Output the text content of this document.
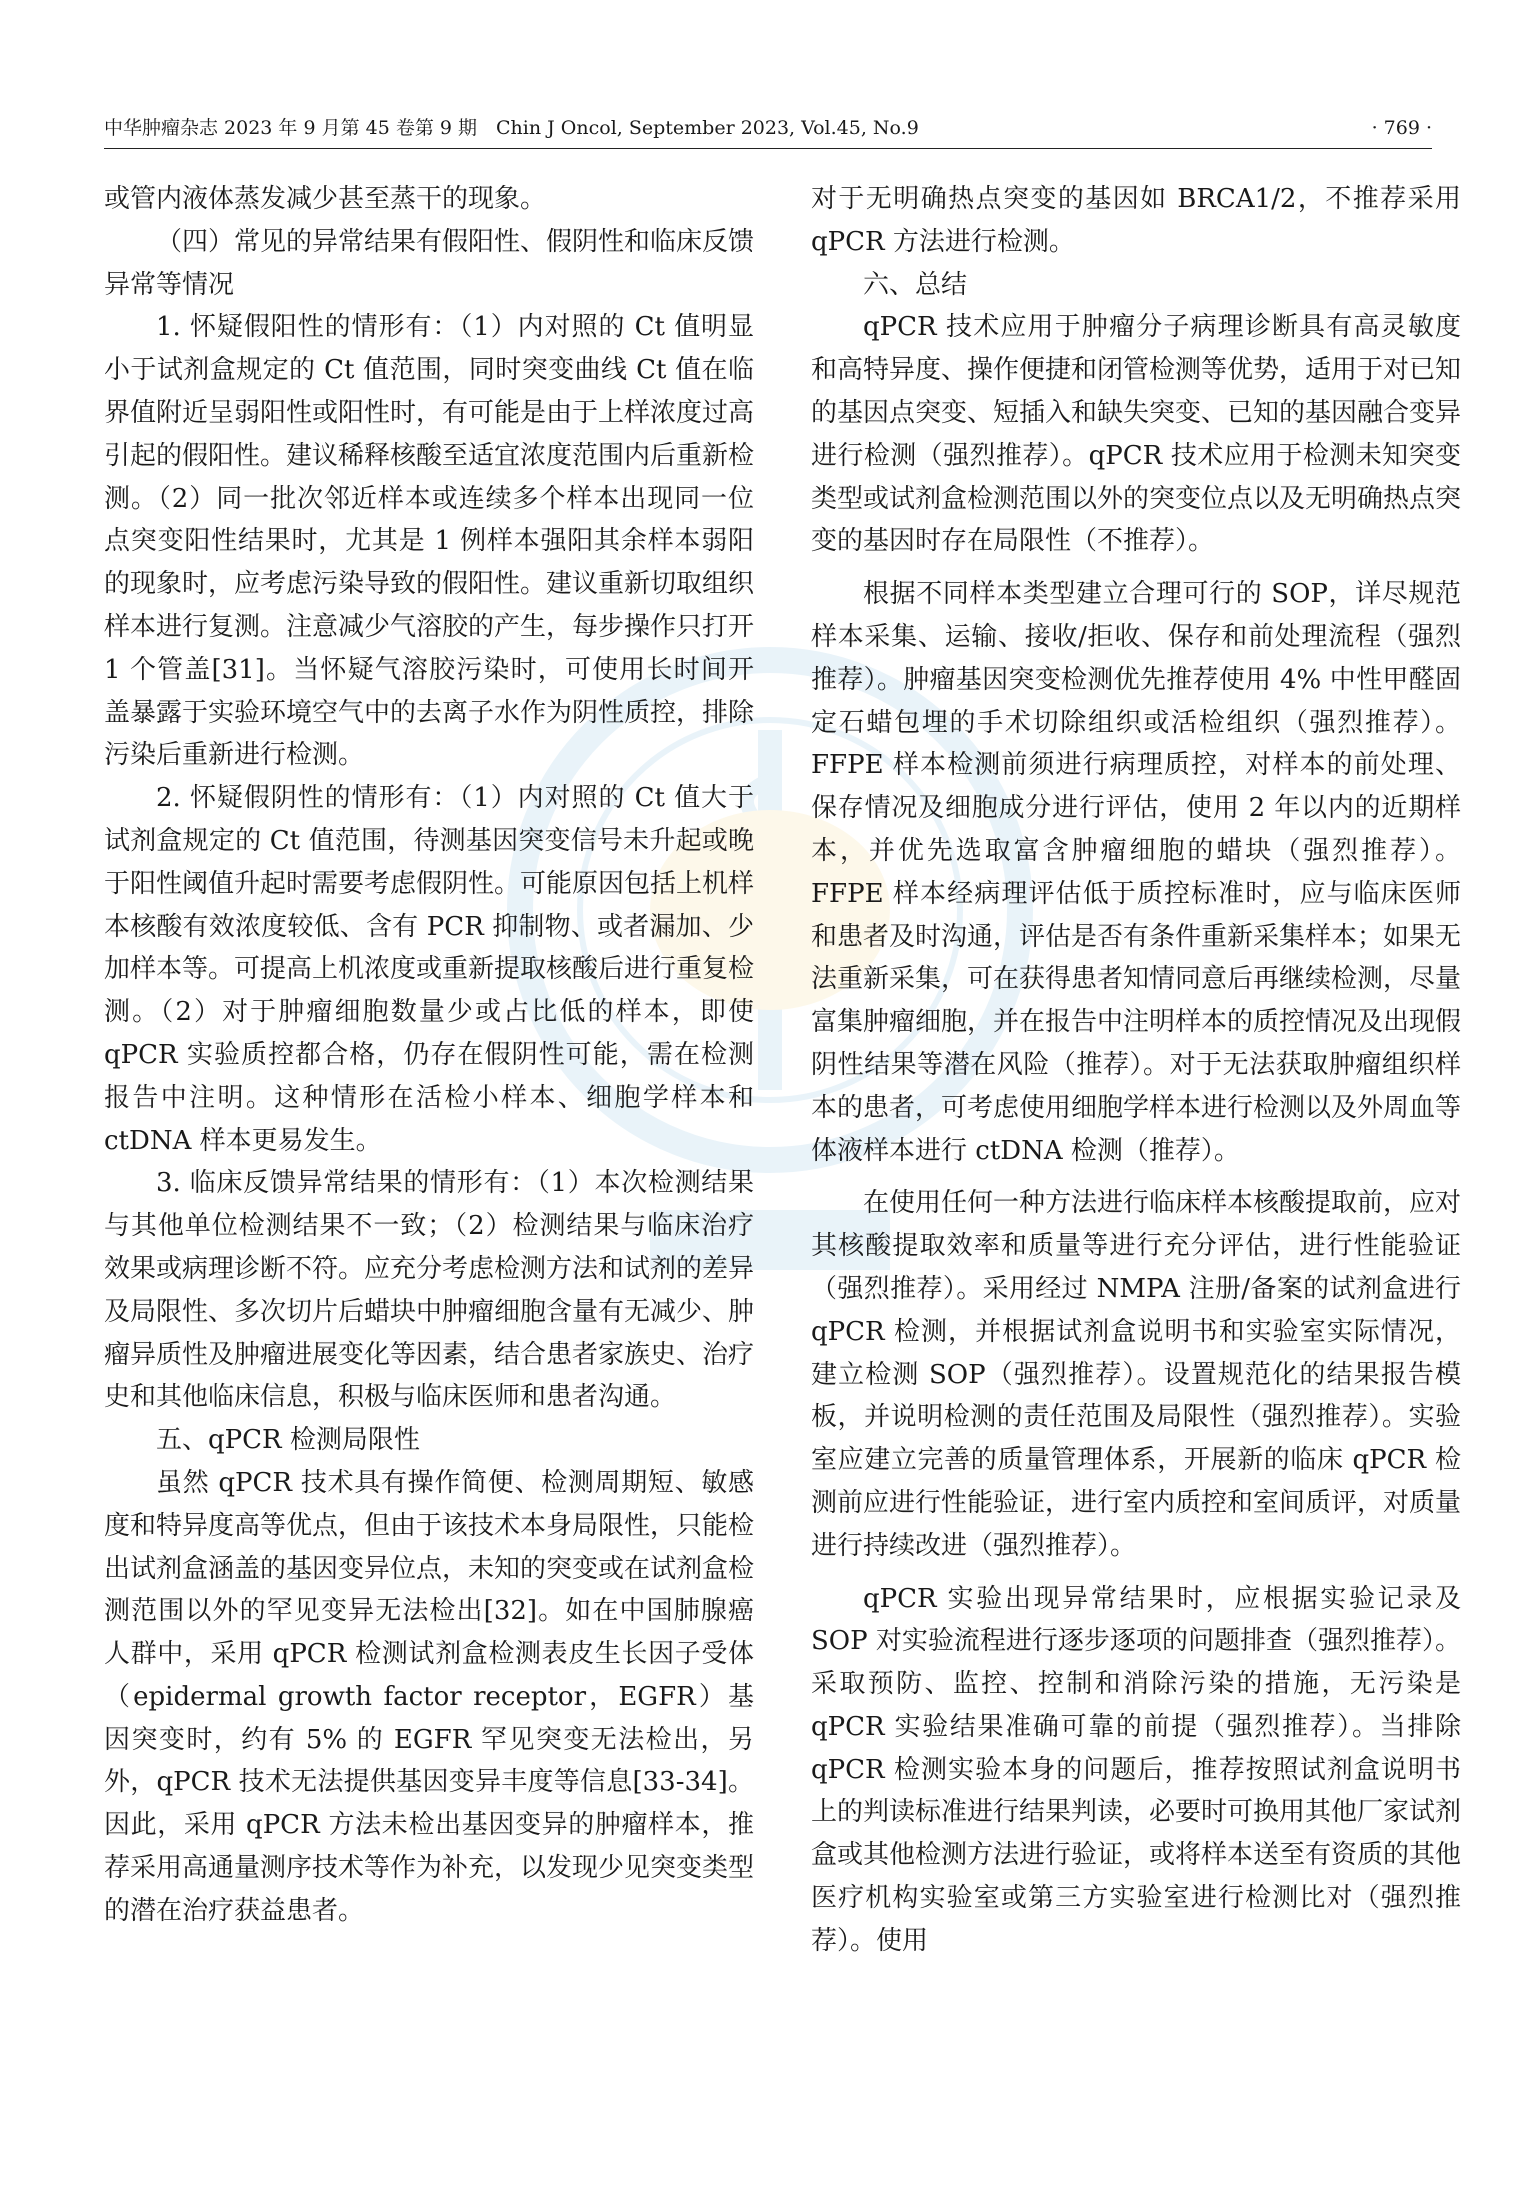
中华肿瘤杂志 2023 年 9 月第 45 卷第 9 期　Chin J Oncol, September 2023, Vol.45, No.9	· 769 ·

或管内液体蒸发减少甚至蒸干的现象。

（四）常见的异常结果有假阳性、假阴性和临床反馈异常等情况

1. 怀疑假阳性的情形有：（1）内对照的 Ct 值明显小于试剂盒规定的 Ct 值范围，同时突变曲线 Ct 值在临界值附近呈弱阳性或阳性时，有可能是由于上样浓度过高引起的假阳性。建议稀释核酸至适宜浓度范围内后重新检测。（2）同一批次邻近样本或连续多个样本出现同一位点突变阳性结果时，尤其是 1 例样本强阳其余样本弱阳的现象时，应考虑污染导致的假阳性。建议重新切取组织样本进行复测。注意减少气溶胶的产生，每步操作只打开 1 个管盖[31]。当怀疑气溶胶污染时，可使用长时间开盖暴露于实验环境空气中的去离子水作为阴性质控，排除污染后重新进行检测。

2. 怀疑假阴性的情形有：（1）内对照的 Ct 值大于试剂盒规定的 Ct 值范围，待测基因突变信号未升起或晚于阳性阈值升起时需要考虑假阴性。可能原因包括上机样本核酸有效浓度较低、含有 PCR 抑制物、或者漏加、少加样本等。可提高上机浓度或重新提取核酸后进行重复检测。（2）对于肿瘤细胞数量少或占比低的样本，即使 qPCR 实验质控都合格，仍存在假阴性可能，需在检测报告中注明。这种情形在活检小样本、细胞学样本和 ctDNA 样本更易发生。

3. 临床反馈异常结果的情形有：（1）本次检测结果与其他单位检测结果不一致；（2）检测结果与临床治疗效果或病理诊断不符。应充分考虑检测方法和试剂的差异及局限性、多次切片后蜡块中肿瘤细胞含量有无减少、肿瘤异质性及肿瘤进展变化等因素，结合患者家族史、治疗史和其他临床信息，积极与临床医师和患者沟通。

五、qPCR 检测局限性

虽然 qPCR 技术具有操作简便、检测周期短、敏感度和特异度高等优点，但由于该技术本身局限性，只能检出试剂盒涵盖的基因变异位点，未知的突变或在试剂盒检测范围以外的罕见变异无法检出[32]。如在中国肺腺癌人群中，采用 qPCR 检测试剂盒检测表皮生长因子受体（epidermal growth factor receptor，EGFR）基因突变时，约有 5% 的 EGFR 罕见突变无法检出，另外，qPCR 技术无法提供基因变异丰度等信息[33-34]。因此，采用 qPCR 方法未检出基因变异的肿瘤样本，推荐采用高通量测序技术等作为补充，以发现少见突变类型的潜在治疗获益患者。

对于无明确热点突变的基因如 BRCA1/2，不推荐采用 qPCR 方法进行检测。

六、总结

qPCR 技术应用于肿瘤分子病理诊断具有高灵敏度和高特异度、操作便捷和闭管检测等优势，适用于对已知的基因点突变、短插入和缺失突变、已知的基因融合变异进行检测（强烈推荐）。qPCR 技术应用于检测未知突变类型或试剂盒检测范围以外的突变位点以及无明确热点突变的基因时存在局限性（不推荐）。

根据不同样本类型建立合理可行的 SOP，详尽规范样本采集、运输、接收/拒收、保存和前处理流程（强烈推荐）。肿瘤基因突变检测优先推荐使用 4% 中性甲醛固定石蜡包埋的手术切除组织或活检组织（强烈推荐）。FFPE 样本检测前须进行病理质控，对样本的前处理、保存情况及细胞成分进行评估，使用 2 年以内的近期样本，并优先选取富含肿瘤细胞的蜡块（强烈推荐）。FFPE 样本经病理评估低于质控标准时，应与临床医师和患者及时沟通，评估是否有条件重新采集样本；如果无法重新采集，可在获得患者知情同意后再继续检测，尽量富集肿瘤细胞，并在报告中注明样本的质控情况及出现假阴性结果等潜在风险（推荐）。对于无法获取肿瘤组织样本的患者，可考虑使用细胞学样本进行检测以及外周血等体液样本进行 ctDNA 检测（推荐）。

在使用任何一种方法进行临床样本核酸提取前，应对其核酸提取效率和质量等进行充分评估，进行性能验证（强烈推荐）。采用经过 NMPA 注册/备案的试剂盒进行 qPCR 检测，并根据试剂盒说明书和实验室实际情况，建立检测 SOP（强烈推荐）。设置规范化的结果报告模板，并说明检测的责任范围及局限性（强烈推荐）。实验室应建立完善的质量管理体系，开展新的临床 qPCR 检测前应进行性能验证，进行室内质控和室间质评，对质量进行持续改进（强烈推荐）。

qPCR 实验出现异常结果时，应根据实验记录及 SOP 对实验流程进行逐步逐项的问题排查（强烈推荐）。采取预防、监控、控制和消除污染的措施，无污染是 qPCR 实验结果准确可靠的前提（强烈推荐）。当排除 qPCR 检测实验本身的问题后，推荐按照试剂盒说明书上的判读标准进行结果判读，必要时可换用其他厂家试剂盒或其他检测方法进行验证，或将样本送至有资质的其他医疗机构实验室或第三方实验室进行检测比对（强烈推荐）。使用
